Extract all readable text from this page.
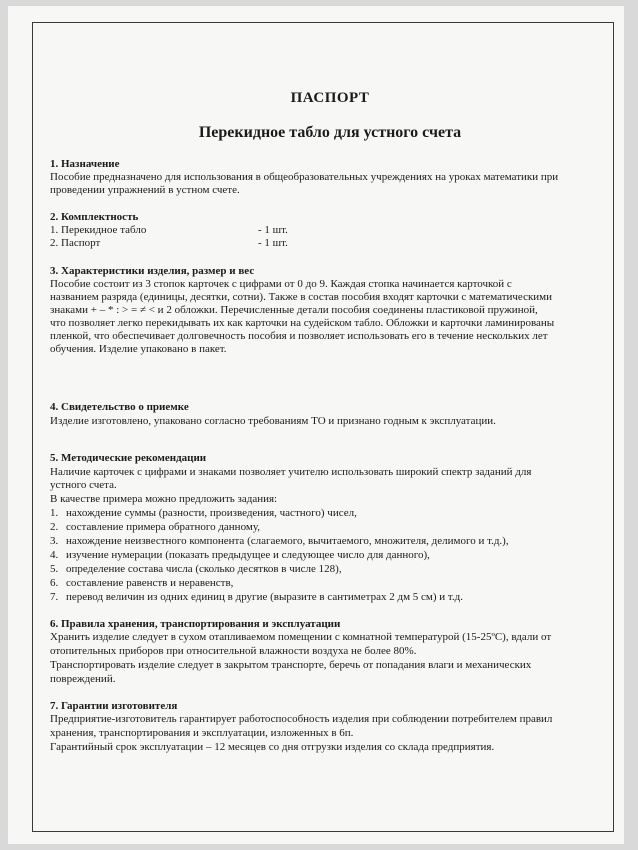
ПАСПОРТ
Перекидное табло для устного счета
1. Назначение
Пособие предназначено для использования в общеобразовательных учреждениях на уроках математики при
проведении упражнений в устном счете.
2. Комплектность
1. Перекидное табло	- 1 шт.
2. Паспорт	- 1 шт.
3. Характеристики изделия, размер и вес
Пособие состоит из 3 стопок карточек с цифрами от 0 до 9. Каждая стопка начинается карточкой с
названием разряда (единицы, десятки, сотни). Также в состав пособия входят карточки с математическими
знаками + – * : > = ≠ < и 2 обложки. Перечисленные детали пособия соединены пластиковой пружиной,
что позволяет легко перекидывать их как карточки на судейском табло. Обложки и карточки ламинированы
пленкой, что обеспечивает долговечность пособия и позволяет использовать его в течение нескольких лет
обучения. Изделие упаковано в пакет.
4. Свидетельство о приемке
Изделие изготовлено, упаковано согласно требованиям ТО и признано годным к эксплуатации.
5. Методические рекомендации
Наличие карточек с цифрами и знаками позволяет учителю использовать широкий спектр заданий для
устного счета.
В качестве примера можно предложить задания:
1. нахождение суммы (разности, произведения, частного) чисел,
2. составление примера обратного данному,
3. нахождение неизвестного компонента (слагаемого, вычитаемого, множителя, делимого и т.д.),
4. изучение нумерации (показать предыдущее и следующее число для данного),
5. определение состава числа (сколько десятков в числе 128),
6. составление равенств и неравенств,
7. перевод величин из одних единиц в другие (выразите в сантиметрах 2 дм 5 см) и т.д.
6. Правила хранения, транспортирования и эксплуатации
Хранить изделие следует в сухом отапливаемом помещении с комнатной температурой (15-25ºС), вдали от
отопительных приборов при относительной влажности воздуха не более 80%.
Транспортировать изделие следует в закрытом транспорте, беречь от попадания влаги и механических
повреждений.
7. Гарантии изготовителя
Предприятие-изготовитель гарантирует работоспособность изделия при соблюдении потребителем правил
хранения, транспортирования и эксплуатации, изложенных в 6п.
Гарантийный срок эксплуатации – 12 месяцев со дня отгрузки изделия со склада предприятия.
